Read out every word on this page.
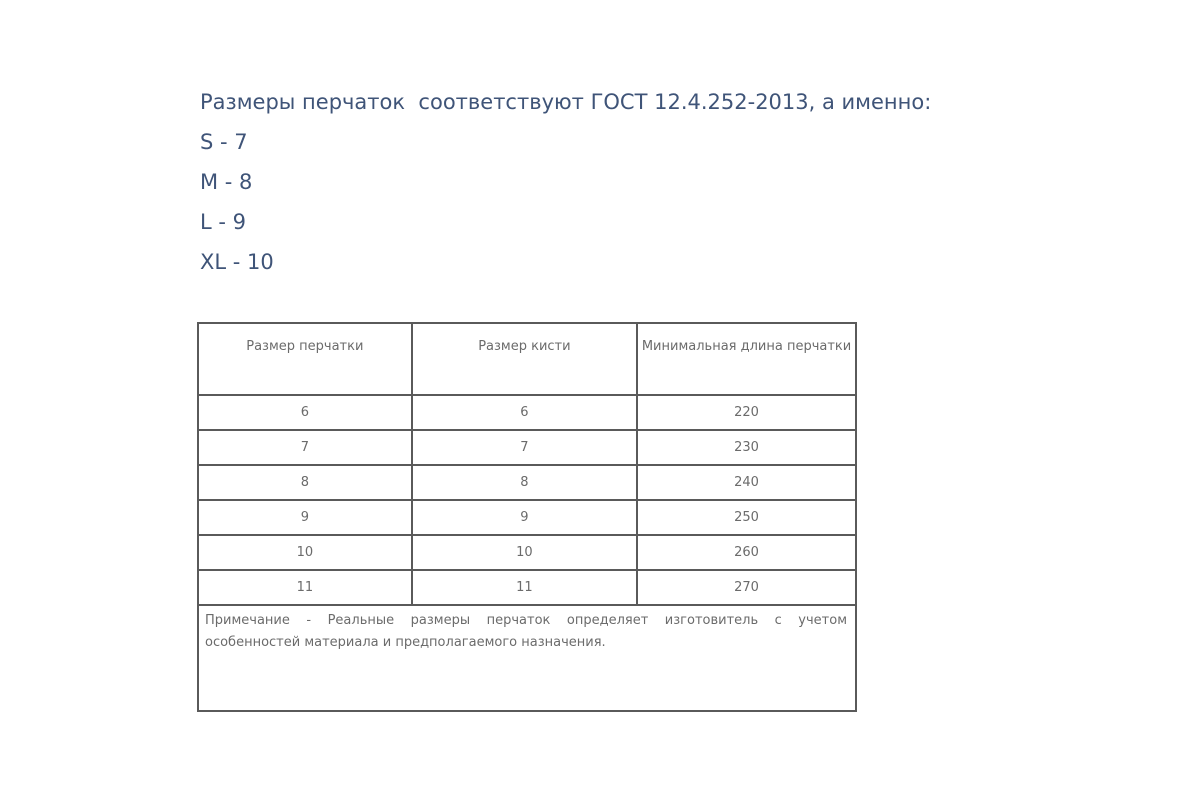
Размеры перчаток  соответствуют ГОСТ 12.4.252-2013, а именно:
S - 7
M - 8
L - 9
XL - 10
Размер перчатки	Размер кисти	Минимальная длина перчатки
6	6	220
7	7	230
8	8	240
9	9	250
10	10	260
11	11	270
Примечание - Реальные размеры перчаток определяет изготовитель с учетом особенностей материала и предполагаемого назначения.		
